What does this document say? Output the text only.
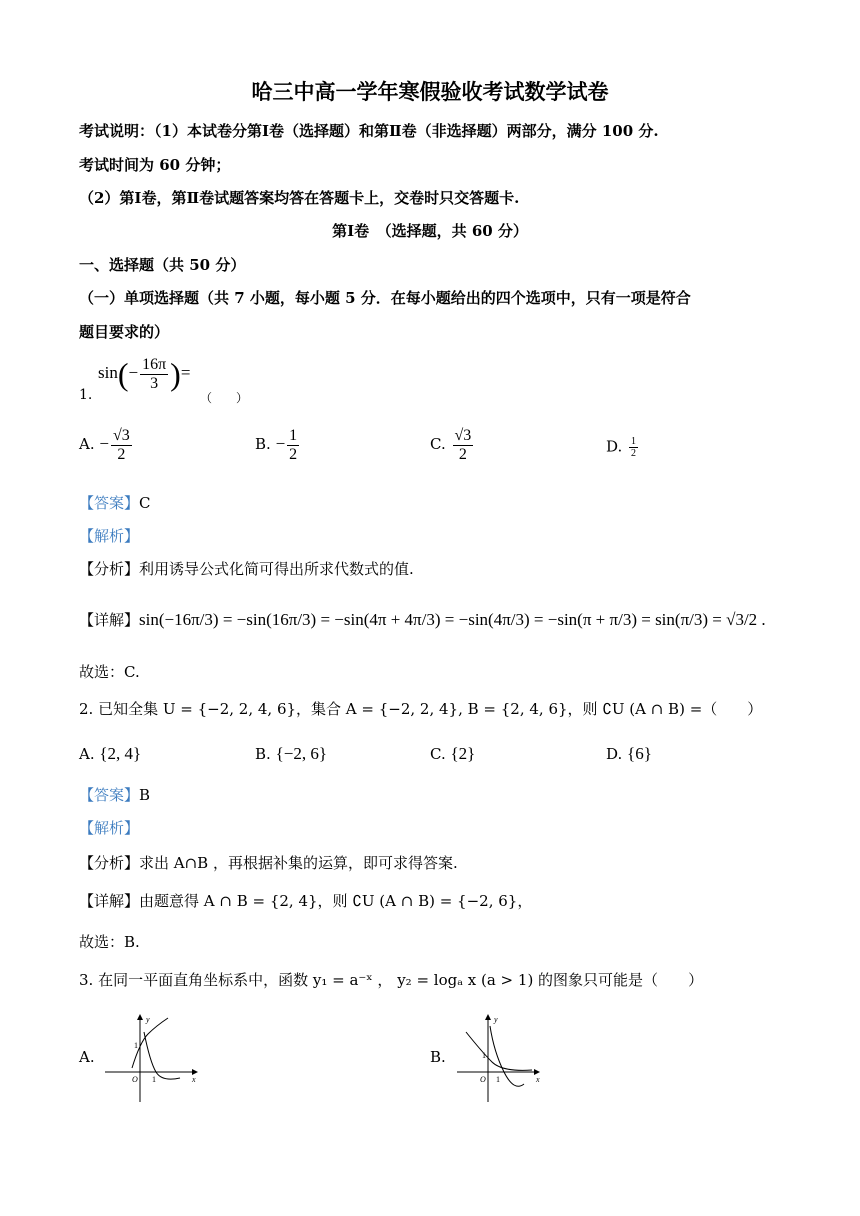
哈三中高一学年寒假验收考试数学试卷
考试说明：（1）本试卷分第Ⅰ卷（选择题）和第Ⅱ卷（非选择题）两部分，满分 100 分.
考试时间为 60 分钟；
（2）第Ⅰ卷，第Ⅱ卷试题答案均答在答题卡上，交卷时只交答题卡.
第Ⅰ卷　（选择题，共 60 分）
一、选择题（共 50 分）
（一）单项选择题（共 7 小题，每小题 5 分．在每小题给出的四个选项中，只有一项是符合
题目要求的）
1.
$\sin(- \frac{16\pi}{3}$ )=
（　　）
A. − $\frac{√3}{2}$	B. − $\frac{1}{2}$	C. $\frac{√3}{2}$	D. $\frac{1}{2}$
【答案】C
【解析】
【分析】利用诱导公式化简可得出所求代数式的值.
【详解】sin(−16π/3) = −sin(16π/3) = −sin(4π + 4π/3) = −sin(4π/3) = −sin(π + π/3) = sin(π/3) = √3/2 .
故选：C.
2. 已知全集 U = {−2, 2, 4, 6}，集合 A = {−2, 2, 4}, B = {2, 4, 6}，则 ∁U (A ∩ B) =（　　）
A. {2, 4}	B. {−2, 6}	C. {2}	D. {6}
【答案】B
【解析】
【分析】求出 A∩B ，再根据补集的运算，即可求得答案.
【详解】由题意得 A ∩ B = {2, 4}，则 ∁U (A ∩ B) = {−2, 6}，
故选：B.
3. 在同一平面直角坐标系中，函数 y₁ = a⁻ˣ ， y₂ = logₐ x (a > 1) 的图象只可能是（　　）
A.	B.
y
x
O
1
1
y
x
O
1
1
